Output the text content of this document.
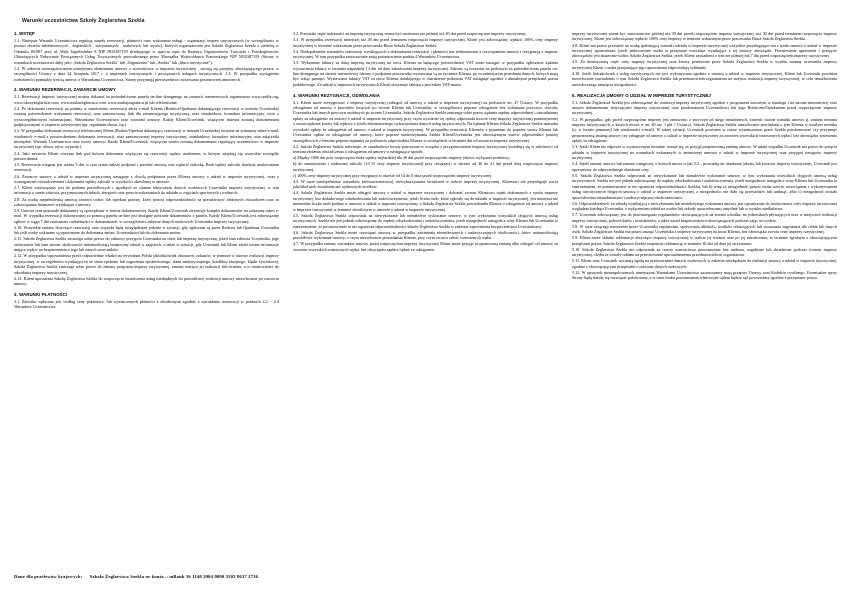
Warunki uczestnictwa Szkoły Żeglarstwa Szekla
1. WSTĘP

1.1. Niniejsze Warunki Uczestnictwa regulują zasady rezerwacji, płatności oraz wykonania usługi - organizacji imprez turystycznych (w szczególności w postaci obozów młodzieżowych , żeglarskich , stacjonarnych , nurkowych lub rejsów), których organizatorem jest Szkoła Żeglarstwa Szekla z siedzibą w Gdańsku 80-887 przy ul. Wały Jagiellońskie 8 NIP 5832387159 działającego w oparciu wpis do Rejestru Organizatorów Turystyki i Przedsiębiorców Ułatwiających Nabywanie Powiązanych Usług Turystycznych prowadzonego przez Marszałka Województwa Pomorskiego NIP 5832387159 (Strony w warunkach uczestnictwa dalej jako „Szkoła Żeglarstwa Szekla" lub „Organizator" lub „Szekla" lub „biuro turystyczne").

1.2. W zakresie nieuregulowanym niniejszymi elementami umowy o uczestnictwo w imprezie turystycznej , stosują się przepisy obowiązującego prawa, w szczególności Ustawy z dnia 24 listopada 2017 r. o imprezach turystycznych i powiązanych usługach turystycznych. 1.3. W przypadku wystąpienia rozbieżności pomiędzy treścią umowy a Warunkami Uczestnictwa, Strony przyjmują pierwszeństwo stosowania postanowień umownych.

2. WARUNKI REZERWACJI, ZAWARCIE UMOWY

2.1. Rezerwacji imprezy turystycznej można dokonać za pośrednictwem panelu on-line dostępnego na stronach internetowych organizatora www.szekla.org, www.obozyzeglarskie.com, www.naukazeglarstwa.com, www.nurkujzagranica.pl lub telefonicznie.

2.2. Po dokonaniu rezerwacji na podany w zamówieniu rezerwacji adres e-mail Klienta (Rodzica/Opiekuna dokonującego rezerwacji w imieniu Uczestnika) zostaną potwierdzenie wykonania rezerwacji, oraz zamieszczony link dla zamawiającego turystyczną, oraz standardowy formularz informacyjny, wzór z wyszczególnionymi informacjami. Warunkami Uczestnictwa oraz wzorami umowy. Każdy Klient/Uczestnik, wiążącym imieniu zostaną dokumentami podpisywanymi w imprezie turystycznej (np. regulamin obozu, itp.).

2.3. W przypadku dokonania rezerwacji telefonicznej Klient (Rodzic/Opiekun dokonujący rezerwacji w imieniu Uczestnika) otrzyma na wskazany adres e-mail, wiadomość e-mail z potwierdzeniem dokonania rezerwacji, oraz zamieszczonej imprezy turystycznej, standardowy formularz informacyjny oraz załączniki niezbędne, Warunki Uczestnictwa oraz wzory umowy. Każdy Klient/Uczestnik, wiążącym wiemi zostaną dokumentami regulujący uczestnictwo w imprezie turystycznej (np. obozu, rejsu, wyjazdu ).

2.4. Jako zawarcie Klient otrzyma link pod którym dokonania wiążącym się rezerwacji wpłaty ustaleniem, w którym znajdują się wszystkie szczegóły potwierdzenia.

2.5. Rezerwacja wstępna jest ważna 3 dni, w tym czasie należy podpisać i przesłać umowę oraz wpłacić zaliczkę. Brak wpłaty zaliczki skutkuje anulowaniem rezerwacji.

2.6. Zawarcie umowy o udział w imprezie turystycznej następuje z chwilą podpisania przez Klienta umowy o udział w imprezie turystycznej, wraz z wymaganymi oświadczeniami i dokonania wpłaty zaliczki w wysokości określonej w umowie.

2.7. Klient zobowiązany jest do podania prawidłowych i zgodnych ze stanem faktycznym danych osobowych Uczestnika imprezy turystycznej, w tym informacji o stanie zdrowia, przyjmowanych lekach, alergiach oraz przeciwwskazaniach do udziału w zajęciach sportowych i wodnych.

2.8. Za osobę niepełnoletnią umowę zawiera rodzic lub opiekun prawny, który ponosi odpowiedzialność za prawdziwość złożonych oświadczeń oraz za zobowiązania finansowe wynikające z umowy.

2.9. Umowa oraz pozostałe dokumenty są sporządzane w formie dokumentowej. Każdy Klient/Uczestnik otrzymuje komplet dokumentów na wskazany adres e-mail. W wypadku rezerwacji dokonywanej za pomocą panelu on-line jest dostępne pobranie dokumentów z panelu. Każdy Klient/Uczestnik jest zobowiązany zgłosić w ciągu 7 dni zauważone rozbieżności w dokumentach, w szczególności zakresie danych osobowych Uczestnika imprezy turystycznej.

2.10. Wszystkie zmiany dotyczące rezerwacji oraz wyjazdu będą uwzględniane jedynie w sytuacji, gdy zgłaszane są przez Rodzica lub Opiekuna Uczestnika lub jeśli osoby wskazane są uprawnione do dokonania zmian. Uczestnikowi lub do dokonania zmian.

2.11. Szkoła Żeglarstwa Szekla zastrzega sobie prawo do odmowy przyjęcia Uczestnika na obóz lub imprezę turystyczną, jeżeli stan zdrowia Uczestnika, jego zachowanie lub inne istotne okoliczności uniemożliwiają bezpieczny udział w zajęciach, a także w sytuacji, gdy Uczestnik lub Klient zataił istotne informacje mające wpływ na bezpieczeństwo jego lub innych uczestników.

2.12. W przypadku wprowadzenia przez odpowiednie władze na terytorium Polski jakichkolwiek obostrzeń, zakazów, w terminie w okresie realizacji imprezy turystycznej, w szczególności wynikających ze stanu epidemii lub zagrożenia epidemicznego, stanu nadzwyczajnego, konfliktu zbrojnego, klęski żywiołowej, Szkoła Żeglarstwa Szekla zastrzega sobie prawo do zmiany programu imprezy turystycznej, zmiany miejsca jej realizacji lub terminu, a w ostateczności do odwołania imprezy turystycznej.

2.13. Klient upoważnia Szkołę Żeglarstwa Szekla do rozpoczęcia świadczenia usług niezbędnych do prawidłowej realizacji umowy niezwłocznie po zawarciu umowy.

3. WARUNKI PŁATNOŚCI

3.1. Zaliczka wpłacana jest według ceny pakietowe, lub wyznaczonych płatności z określonymi zgodnie z warunkami rezerwacji w punktach 2.2. - 2.4 Warunków Uczestnictwa.

3.2. Pozostała część należności za imprezę turystyczną winna być wniesiona nie później niż 30 dni przed rozpoczęciem imprezy turystycznej.

3.3. W przypadku rezerwacji mniejszej niż 30 dni przed terminem rozpoczęcia imprezy turystycznej, Klient jest zobowiązany wpłacić 100% ceny imprezy turystycznej w terminie wskazanym przez pracownika Biura Szkoła Żeglarstwa Szekla.

3.4. Niedopełnienie warunków rezerwacji wynikających z dokonanymi rezerwacji i płatności jest jednoznaczne z rozwiązaniem umowy i rezygnacją z imprezy turystycznej. W tym przypadku zastosowanie mają postanowienia punktu 4 Warunków Uczestnictwa.

3.5. Wykonanie faktury za daną imprezę turystyczną na rzecz Klienta na będącego potwierdzenie VAT może nastąpić w przypadku zgłoszenia żądania wystawienia faktury w terminie najpóźniej 14 dni od daty zakończenia imprezy turystycznej. Faktury są tworzone na podstawie za pośrednictwem panelu on-line dostępnego na stronie internetowej faktury z podpisem pracownika wystawiana są na życzenie Klienta, po wcześniejszym przesłaniu danych, których mają być wziąć pamięci. Wystawiana faktury VAT za rzecz Klienta działającego w charakterze podmiotu VAT następuje zgodnie z aktualnymi przepisami prawa podatkowego. Za udział w imprezach turystycznych Klient otrzymuje fakturę z procedury VAT-marża.

4. WARUNKI REZYGNACJI, ODWOŁANIA

4.1. Klient może zrezygnować z imprezy turystycznej (odstąpić od umowy o udział w imprezie turystycznej) na podstawie art. 47 Ustawy. W przypadku odstąpienia od umowy z powodów leżących po stronie Klienta lub Uczestnika, w szczególności poprzez odstąpienie bez wskazania przyczyn, choroby Uczestnika lub innych przyczyn osobistych po stronie Uczestnika, Szkoła Żeglarstwa Szekla zastrzega sobie prawo żądania zapłaty odpowiedniej i uzasadnionej opłaty za odstąpienie od umowy o udział w imprezie turystycznej, przy czym wysokość tej opłaty odpowiada kwocie ceny imprezy turystycznej pomniejszonej o zaoszczędzone koszty lub wpływy z tytułu alternatywnego wykorzystania danych usług turystycznych. Na żądanie Klienta Szkoła Żeglarstwa Szekla uzasadni wysokość opłaty za odstąpienie od umowy o udział w imprezie turystycznej. W przypadku rezerwacji Klientów z pytaniami do poprzez strony Klienta lub Uczestnika opłata za odstąpienie od umowy, które poprzez niedotrzymania Szekla Klient/Uczestnika jest obowiązanym wnieść odpowiednio poniżej szczegółowych z terminu poprzez najmniej na podstawie odpowiednia Klienta w szczegółach w terminie dni od zawarcia imprezy turystycznej.

4.2. Szkoła Żeglarstwa Szekla informuje, że standardowe koszty ponoszone w związku z przygotowaniem imprezy turystycznej kształtują się w zależności od terminu złożenia oświadczenia o odstąpieniu od umowy w następujący sposób:

a) Między 1000 dni przy rozpoczęciu złoża wpłaty najbardziej dla 30 dni przed rozpoczęciem imprezy jakości wyłącznie podstawy;

b) do zmniejszenia i wpłaconej zaliczki (10 % ceny imprezy turystycznej) przy rezygnacji w okresie od 30 do 21 dni przed datą rozpoczęcia imprezy turystycznej;

c) 100% ceny imprezy turystycznej przy rezygnacji w okresie od 14 do 0 dnia przed rozpoczęciem imprezy turystycznej.

4.3. W razie niedopełnienia warunków (niestawiennictwa), niewykorzystania świadczeń w trakcie imprezy turystycznej, Klientowi nie przysługuje zwrot jakichkolwiek świadczeń ani wpłaconych środków.

4.4. Szkoła Żeglarstwa Szekla może odstąpić umowy o udział w imprezie turystycznej i dokonać zwrotu Klientowi wpłat dokonanych z tytułu imprezy turystycznej, bez dodatkowego odszkodowania lub zadośćuczynienia, jeżeli liczba osób, które zgłosiły się do udziału w imprezie turystycznej, jest mniejsza niż minimalna liczba osób podana w umowie o udział w imprezie turystycznej, a Szkoła Żeglarstwa Szekla powiadomiła Klienta o odstąpieniu od umowy o udział w imprezie turystycznej w terminie określonym w umowie o udział w imprezie turystycznej.

4.5. Szkoła Żeglarstwa Szekla odpowiada za niewykonanie lub nienależyte wykonanie umowy, w tym wykonania wszystkich objętych umową usług turystycznych. Szekla nie jest jednak zobowiązany do zapłaty odszkodowania i zadośćuczynienia, jeżeli niezgodność nastąpiła z winy Klienta lub Uczestnika (z zastrzeżeniem, że postanowienie to nie ogranicza odpowiedzialności Szkoły Żeglarstwa Szekla w zakresie zapewnienia bezpieczeństwa Uczestnikom).

4.6. Szkoła Żeglarstwa Szekla może rozwiązać umowę w przypadku zaistnienia nieuniknionych i nadzwyczajnych okoliczności, które uniemożliwiają prawidłowe wykonanie umowy, o czym niezwłocznie powiadamia Klienta, przy czym zwraca całość wniesionych wpłat.

4.7. W przypadku zmiany warunków umowy przed rozpoczęciem imprezy turystycznej Klient może przyjąć proponowaną zmianę albo odstąpić od umowy za zwrotem wszystkich wniesionych wpłat, bez obowiązku zapłaty opłaty za odstąpienie.

imprezy turystycznej winna być wniesiona nie później niż 30 dni przed rozpoczęciem imprezy turystycznej; niż 30 dni przed terminem rozpoczęcia imprezy turystycznej, Klient jest zobowiązany wpłacić 100% ceny imprezy w terminie wskazanym przez pracownika Biura Szkoła Żeglarstwa Szekla.

4.8. Klient ma prawo przenieść na osobę spełniającą warunki udziału w imprezie turystycznej wszystkie przysługujące mu z tytułu umowy o udział w imprezie turystycznej uprawnienia, jeżeli jednocześnie osoba ta przejmuje wszystkie wynikające z tej umowy obowiązki. Przeniesienie uprawnień i przejęcie obowiązków jest skuteczne wobec Szkoła Żeglarstwa Szekla, jeżeli Klient zawiadomi o tym nie później niż 7 dni przed rozpoczęciem imprezy turystycznej.

4.9. Za nieuiszczoną część ceny imprezy turystycznej oraz koszty poniesione przez Szkoła Żeglarstwa Szekla w wyniku zmiany uczestnika imprezy turystycznej Klient i osoba przejmująca jego uprawnienia odpowiadają solidarnie.

4.10. Jeżeli którakolwiek z usług turystycznych nie jest wykonywana zgodnie z umową o udział w imprezie turystycznej, Klient lub Uczestnik powinien niezwłocznie zawiadomić o tym Szkoła Żeglarstwa Szekla lub przedstawiciela organizatora na miejscu realizacji imprezy turystycznej, w celu umożliwienia niezwłocznego usunięcia niezgodności.

5. REALIZACJA UMOWY O UDZIAŁ W IMPREZIE TURYSTYCZNEJ

5.1. Szkoła Żeglarstwa Szekla jest zobowiązany do realizacji imprezy turystycznej zgodnie z programem zawartym w katalogu i na stronie internetowej oraz innymi dokumentami dotyczącymi imprezy turystycznej oraz przekazanymi Uczestnikowi lub jego Rodzicom/Opiekunom przed rozpoczęciem imprezy turystycznej.

5.2. W przypadku, gdy przed rozpoczęciem imprezy jest zmuszony, z przyczyn od niego niezależnych, zmienić istotne warunki umowy tj. zmiana terminu imprezy turystycznych, o których mowa w art. 40 ust. 1 pkt 1 Ustawy), Szkoła Żeglarstwa Szekla niezwłocznie powiadomi o tym Klienta w trwałym nośniku (tj. w formie pisemnej) lub wiadomości e-mail). W takiej sytuacji Uczestnik powinien w czasie wyznaczonym przez Szekla poinformować czy przyjmuje proponowaną zmianę umowy czy odstępuje od umowy o udział w imprezie turystycznej za zwrotem wszystkich wniesionych wpłat i bez obowiązku wniesienia opłaty za odstąpienie.

5.3. Jeżeli Klient nie odpowie w wyznaczonym terminie, uznaje się, że przyjął proponowaną zmianę umowy. W takim wypadku Uczestnik ma prawo do wzięcia udziału w imprezie turystycznej na warunkach wskazanych w zmienionej umowie o udział w imprezie turystycznej oraz przyjętej następczo imprezy turystycznej.

5.4. Jeżeli zmiany umowy lub zmiany zastępczej, o których mowa w pkt 5.2. , prowadzą do obniżenia jakości lub kosztów imprezy turystycznej, Uczestnik jest uprawniony do odpowiedniego obniżenia ceny.

5.5. Szkoła Żeglarstwa Szekla odpowiada za niewykonanie lub nienależyte wykonanie umowy, w tym wykonania wszystkich objętych umową usług turystycznych. Szekla nie jest jednak zobowiązany do zapłaty odszkodowania i zadośćuczynienia, jeżeli niezgodność nastąpiła z winy Klienta lub Uczestnika (z zastrzeżeniem, że postanowienie to nie ogranicza odpowiedzialności Szekla), lub b) winę za niezgodność ponosi osoba trzecia, niezwiązana z wykonywaniem usług turystycznych objętych umową o udział w imprezie turystycznej, a niezgodności nie dało się przewidzieć lub uniknąć, albo c) niezgodność została spowodowana nieuniknionymi i nadzwyczajnymi okolicznościami.

5.6. Odpowiedzialność za szkodę wynikającą z niewykonania lub nienależytego wykonania umowy jest ograniczona do trzykrotności ceny imprezy turystycznej względem każdego Uczestnika, z wyłączeniem szkód na osobie lub szkody spowodowanej umyślnie lub w wyniku niedbalstwa.

5.7. Uczestnik zobowiązany jest do przestrzegania regulaminów obowiązujących na terenie ośrodka, na jednostkach pływających oraz w miejscach realizacji imprezy turystycznej, poleceń kadry i instruktorów, a także zasad bezpieczeństwa obowiązujących podczas zajęć na wodzie.

5.8. W razie rażącego naruszenia przez Uczestnika regulaminu, spożywania alkoholu, środków odurzających lub stwarzania zagrożenia dla siebie lub innych osób, Szkoła Żeglarstwa Szekla ma prawo usunąć Uczestnika z imprezy turystycznej na koszt Klienta, bez obowiązku zwrotu ceny imprezy turystycznej.

5.9. Klient może składać reklamacje dotyczące imprezy turystycznej w trakcie jej trwania oraz po jej zakończeniu, w terminie zgodnym z obowiązującymi przepisami prawa. Szkoła Żeglarstwa Szekla rozpatruje reklamację w terminie 30 dni od dnia jej otrzymania.

5.10. Szkoła Żeglarstwa Szekla nie odpowiada za rzeczy wartościowe pozostawione bez nadzoru, zagubione lub skradzione podczas trwania imprezy turystycznej, chyba że zostały oddane na przechowanie upoważnionemu przedstawicielowi organizatora.

5.11. Klient oraz Uczestnik wyrażają zgodę na przetwarzanie danych osobowych w zakresie niezbędnym do realizacji umowy o udział w imprezie turystycznej, zgodnie z obowiązującymi przepisami o ochronie danych osobowych.

5.12. W sprawach nieuregulowanych niniejszymi Warunkami Uczestnictwa zastosowanie mają przepisy Ustawy oraz Kodeksu cywilnego. Ewentualne spory Strony będą starały się rozwiązać polubownie, a w razie braku porozumienia właściwym sądem będzie sąd powszechny zgodnie z przepisami prawa.

Dane dla przelewów krajowych: Szkoła Żeglarstwa Szekla nr konta .: mBank 16 1140 2004 0000 3502 8637 2736
